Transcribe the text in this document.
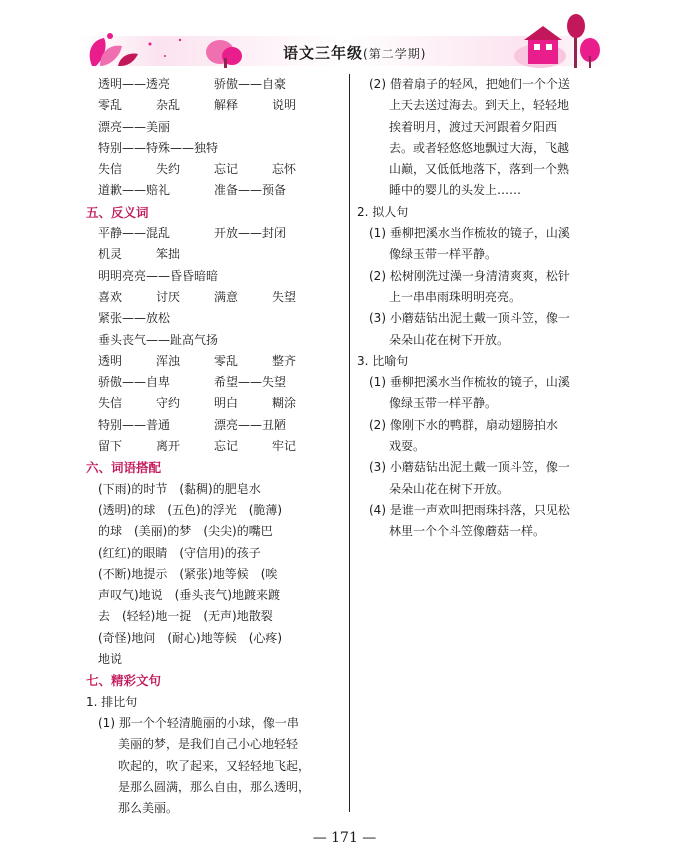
语文三年级(第二学期)
透明——透亮	骄傲——自豪
零乱	杂乱	解释	说明
漂亮——美丽
特别——特殊——独特
失信	失约	忘记	忘怀
道歉——赔礼	准备——预备
五、反义词
平静——混乱	开放——封闭
机灵	笨拙
明明亮亮——昏昏暗暗
喜欢	讨厌	满意	失望
紧张——放松
垂头丧气——趾高气扬
透明	浑浊	零乱	整齐
骄傲——自卑	希望——失望
失信	守约	明白	糊涂
特别——普通	漂亮——丑陋
留下	离开	忘记	牢记
六、词语搭配
(下雨)的时节　(黏稠)的肥皂水
(透明)的球　(五色)的浮光　(脆薄)
的球　(美丽)的梦　(尖尖)的嘴巴
(红红)的眼睛　(守信用)的孩子
(不断)地提示　(紧张)地等候　(唉
声叹气)地说　(垂头丧气)地踱来踱
去　(轻轻)地一捉　(无声)地散裂
(奇怪)地问　(耐心)地等候　(心疼)
地说
七、精彩文句
1. 排比句
(1) 那一个个轻清脆丽的小球，像一串
美丽的梦，是我们自己小心地轻轻
吹起的，吹了起来，又轻轻地飞起，
是那么圆满，那么自由，那么透明，
那么美丽。
(2) 借着扇子的轻风，把她们一个个送
上天去送过海去。到天上，轻轻地
挨着明月，渡过天河跟着夕阳西
去。或者轻悠悠地飘过大海，飞越
山巅，又低低地落下，落到一个熟
睡中的婴儿的头发上……
2. 拟人句
(1) 垂柳把溪水当作梳妆的镜子，山溪
像绿玉带一样平静。
(2) 松树刚洗过澡一身清清爽爽，松针
上一串串雨珠明明亮亮。
(3) 小蘑菇钻出泥土戴一顶斗笠，像一
朵朵山花在树下开放。
3. 比喻句
(1) 垂柳把溪水当作梳妆的镜子，山溪
像绿玉带一样平静。
(2) 像刚下水的鸭群，扇动翅膀拍水
戏耍。
(3) 小蘑菇钻出泥土戴一顶斗笠，像一
朵朵山花在树下开放。
(4) 是谁一声欢叫把雨珠抖落，只见松
林里一个个斗笠像蘑菇一样。
— 171 —
